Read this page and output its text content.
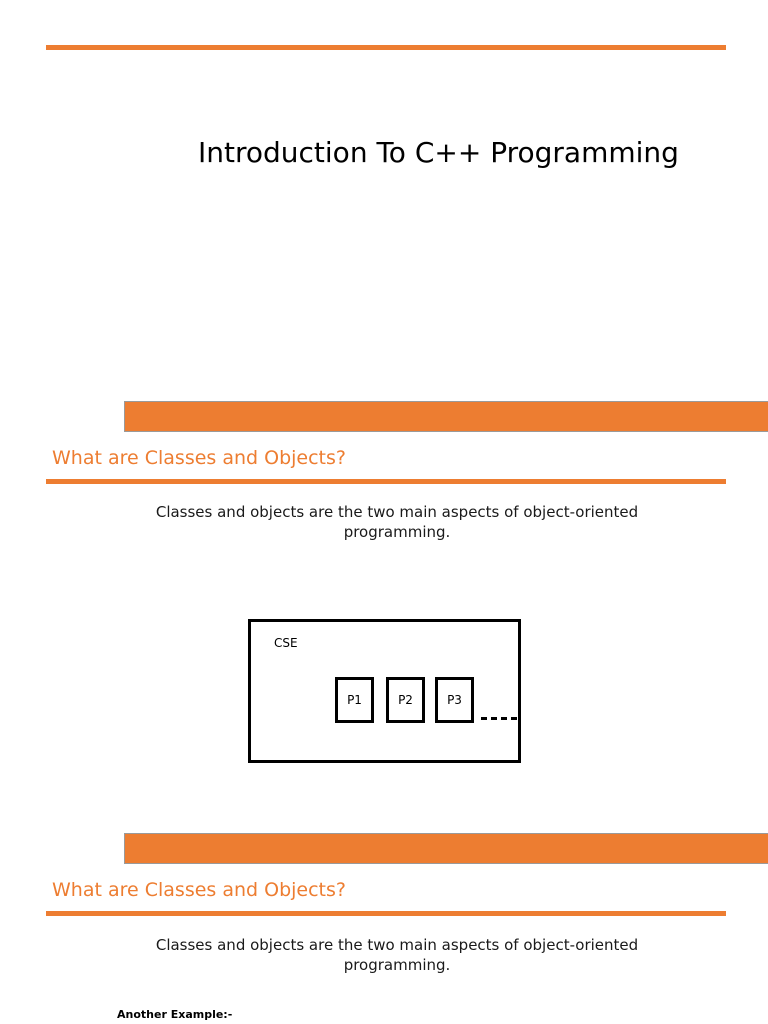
Introduction To C++ Programming
What are Classes and Objects?
Classes and objects are the two main aspects of object-oriented programming.
CSE
P1	P2	P3
What are Classes and Objects?
Classes and objects are the two main aspects of object-oriented programming.
Another Example:-
